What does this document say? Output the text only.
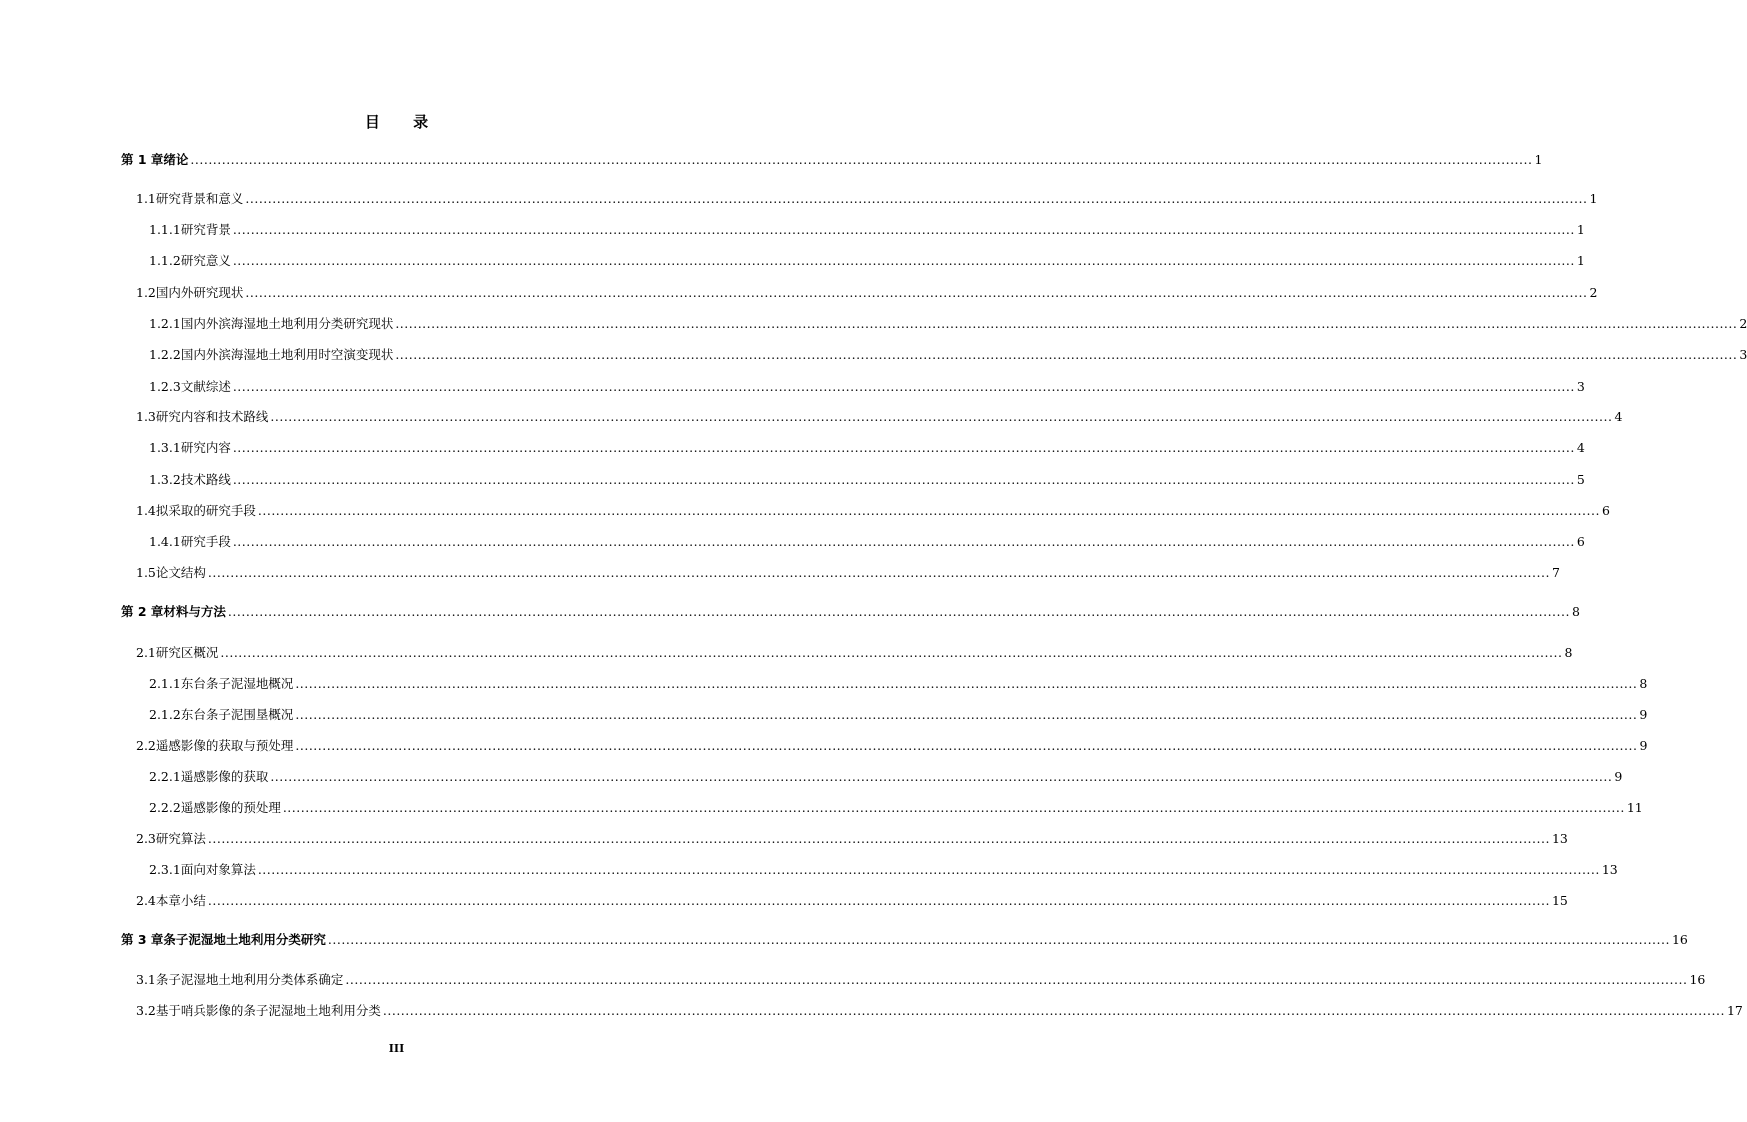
目 录
第 1 章 绪论 ............................................................................................................................................................................................................................................................................................................ 1
1.1 研究背景和意义 ............................................................................................................................................................................................................................................................................................................ 1
1.1.1 研究背景 ............................................................................................................................................................................................................................................................................................................ 1
1.1.2 研究意义 ............................................................................................................................................................................................................................................................................................................ 1
1.2 国内外研究现状 ............................................................................................................................................................................................................................................................................................................ 2
1.2.1 国内外滨海湿地土地利用分类研究现状 ............................................................................................................................................................................................................................................................................................................ 2
1.2.2 国内外滨海湿地土地利用时空演变现状 ............................................................................................................................................................................................................................................................................................................ 3
1.2.3 文献综述 ............................................................................................................................................................................................................................................................................................................ 3
1.3 研究内容和技术路线 ............................................................................................................................................................................................................................................................................................................ 4
1.3.1 研究内容 ............................................................................................................................................................................................................................................................................................................ 4
1.3.2 技术路线 ............................................................................................................................................................................................................................................................................................................ 5
1.4 拟采取的研究手段 ............................................................................................................................................................................................................................................................................................................ 6
1.4.1 研究手段 ............................................................................................................................................................................................................................................................................................................ 6
1.5 论文结构 ............................................................................................................................................................................................................................................................................................................ 7
第 2 章 材料与方法 ............................................................................................................................................................................................................................................................................................................ 8
2.1 研究区概况 ............................................................................................................................................................................................................................................................................................................ 8
2.1.1 东台条子泥湿地概况 ............................................................................................................................................................................................................................................................................................................ 8
2.1.2 东台条子泥围垦概况 ............................................................................................................................................................................................................................................................................................................ 9
2.2 遥感影像的获取与预处理 ............................................................................................................................................................................................................................................................................................................ 9
2.2.1 遥感影像的获取 ............................................................................................................................................................................................................................................................................................................ 9
2.2.2 遥感影像的预处理 ............................................................................................................................................................................................................................................................................................................ 11
2.3 研究算法 ............................................................................................................................................................................................................................................................................................................ 13
2.3.1 面向对象算法 ............................................................................................................................................................................................................................................................................................................ 13
2.4 本章小结 ............................................................................................................................................................................................................................................................................................................ 15
第 3 章 条子泥湿地土地利用分类研究 ............................................................................................................................................................................................................................................................................................................ 16
3.1 条子泥湿地土地利用分类体系确定 ............................................................................................................................................................................................................................................................................................................ 16
3.2 基于哨兵影像的条子泥湿地土地利用分类 ............................................................................................................................................................................................................................................................................................................ 17
III
